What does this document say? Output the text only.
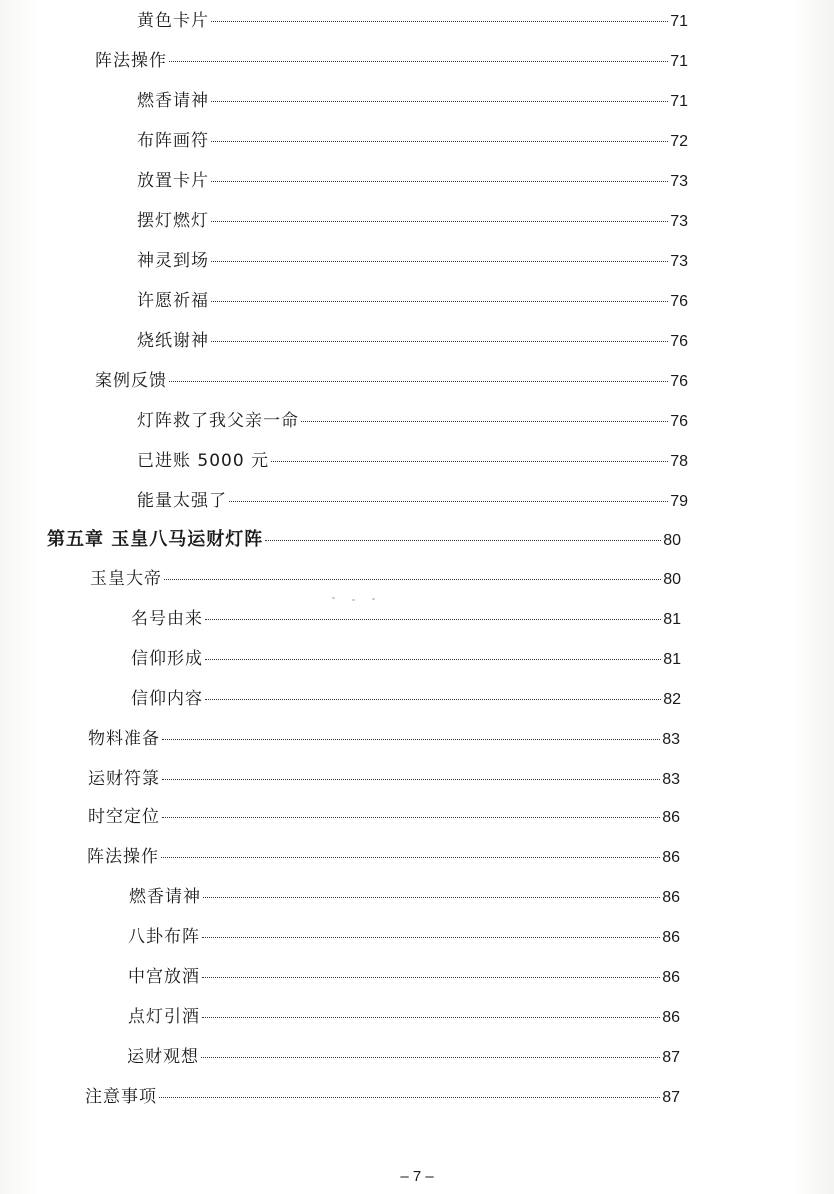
黄色卡片	71
阵法操作	71
燃香请神	71
布阵画符	72
放置卡片	73
摆灯燃灯	73
神灵到场	73
许愿祈福	76
烧纸谢神	76
案例反馈	76
灯阵救了我父亲一命	76
已进账 5000 元	78
能量太强了	79
第五章 玉皇八马运财灯阵	80
玉皇大帝	80
名号由来	81
信仰形成	81
信仰内容	82
物料准备	83
运财符箓	83
时空定位	86
阵法操作	86
燃香请神	86
八卦布阵	86
中宫放酒	86
点灯引酒	86
运财观想	87
注意事项	87
– 7 –
